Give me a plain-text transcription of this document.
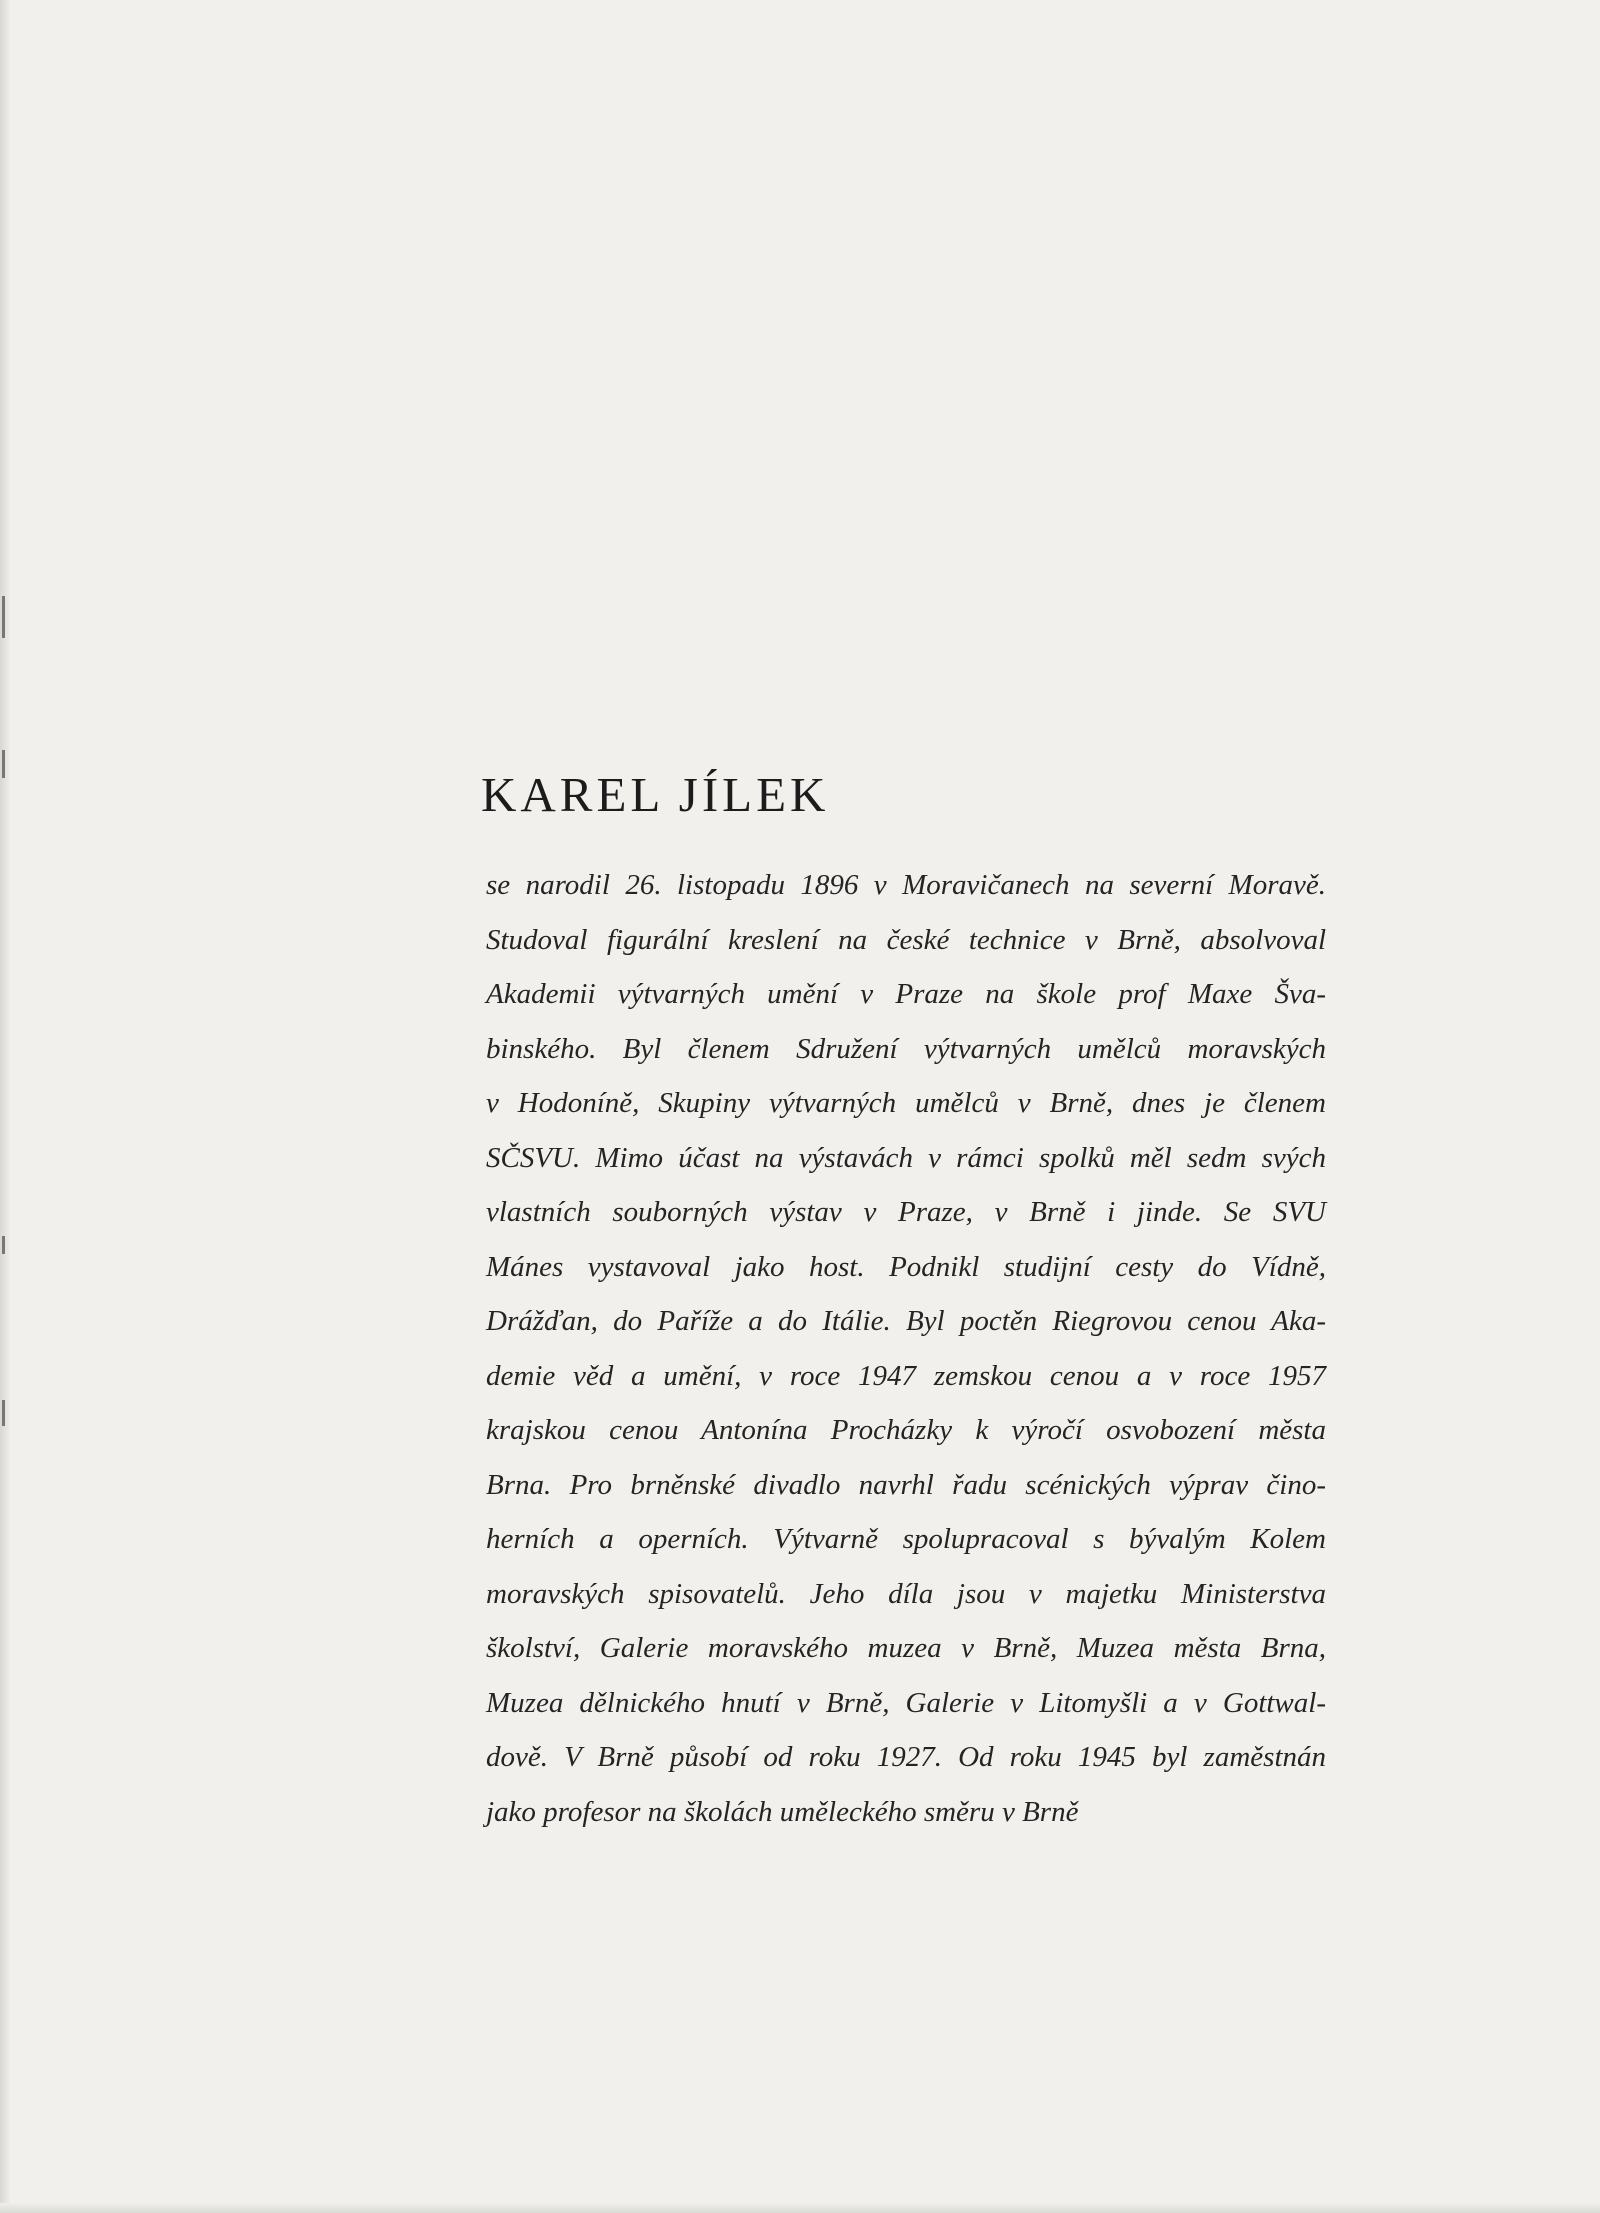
KAREL JÍLEK
se narodil 26. listopadu 1896 v Moravičanech na severní Moravě.
Studoval figurální kreslení na české technice v Brně, absolvoval
Akademii výtvarných umění v Praze na škole prof Maxe Šva-
binského. Byl členem Sdružení výtvarných umělců moravských
v Hodoníně, Skupiny výtvarných umělců v Brně, dnes je členem
SČSVU. Mimo účast na výstavách v rámci spolků měl sedm svých
vlastních souborných výstav v Praze, v Brně i jinde. Se SVU
Mánes vystavoval jako host. Podnikl studijní cesty do Vídně,
Drážďan, do Paříže a do Itálie. Byl poctěn Riegrovou cenou Aka-
demie věd a umění, v roce 1947 zemskou cenou a v roce 1957
krajskou cenou Antonína Procházky k výročí osvobození města
Brna. Pro brněnské divadlo navrhl řadu scénických výprav čino-
herních a operních. Výtvarně spolupracoval s bývalým Kolem
moravských spisovatelů. Jeho díla jsou v majetku Ministerstva
školství, Galerie moravského muzea v Brně, Muzea města Brna,
Muzea dělnického hnutí v Brně, Galerie v Litomyšli a v Gottwal-
dově. V Brně působí od roku 1927. Od roku 1945 byl zaměstnán
jako profesor na školách uměleckého směru v Brně
